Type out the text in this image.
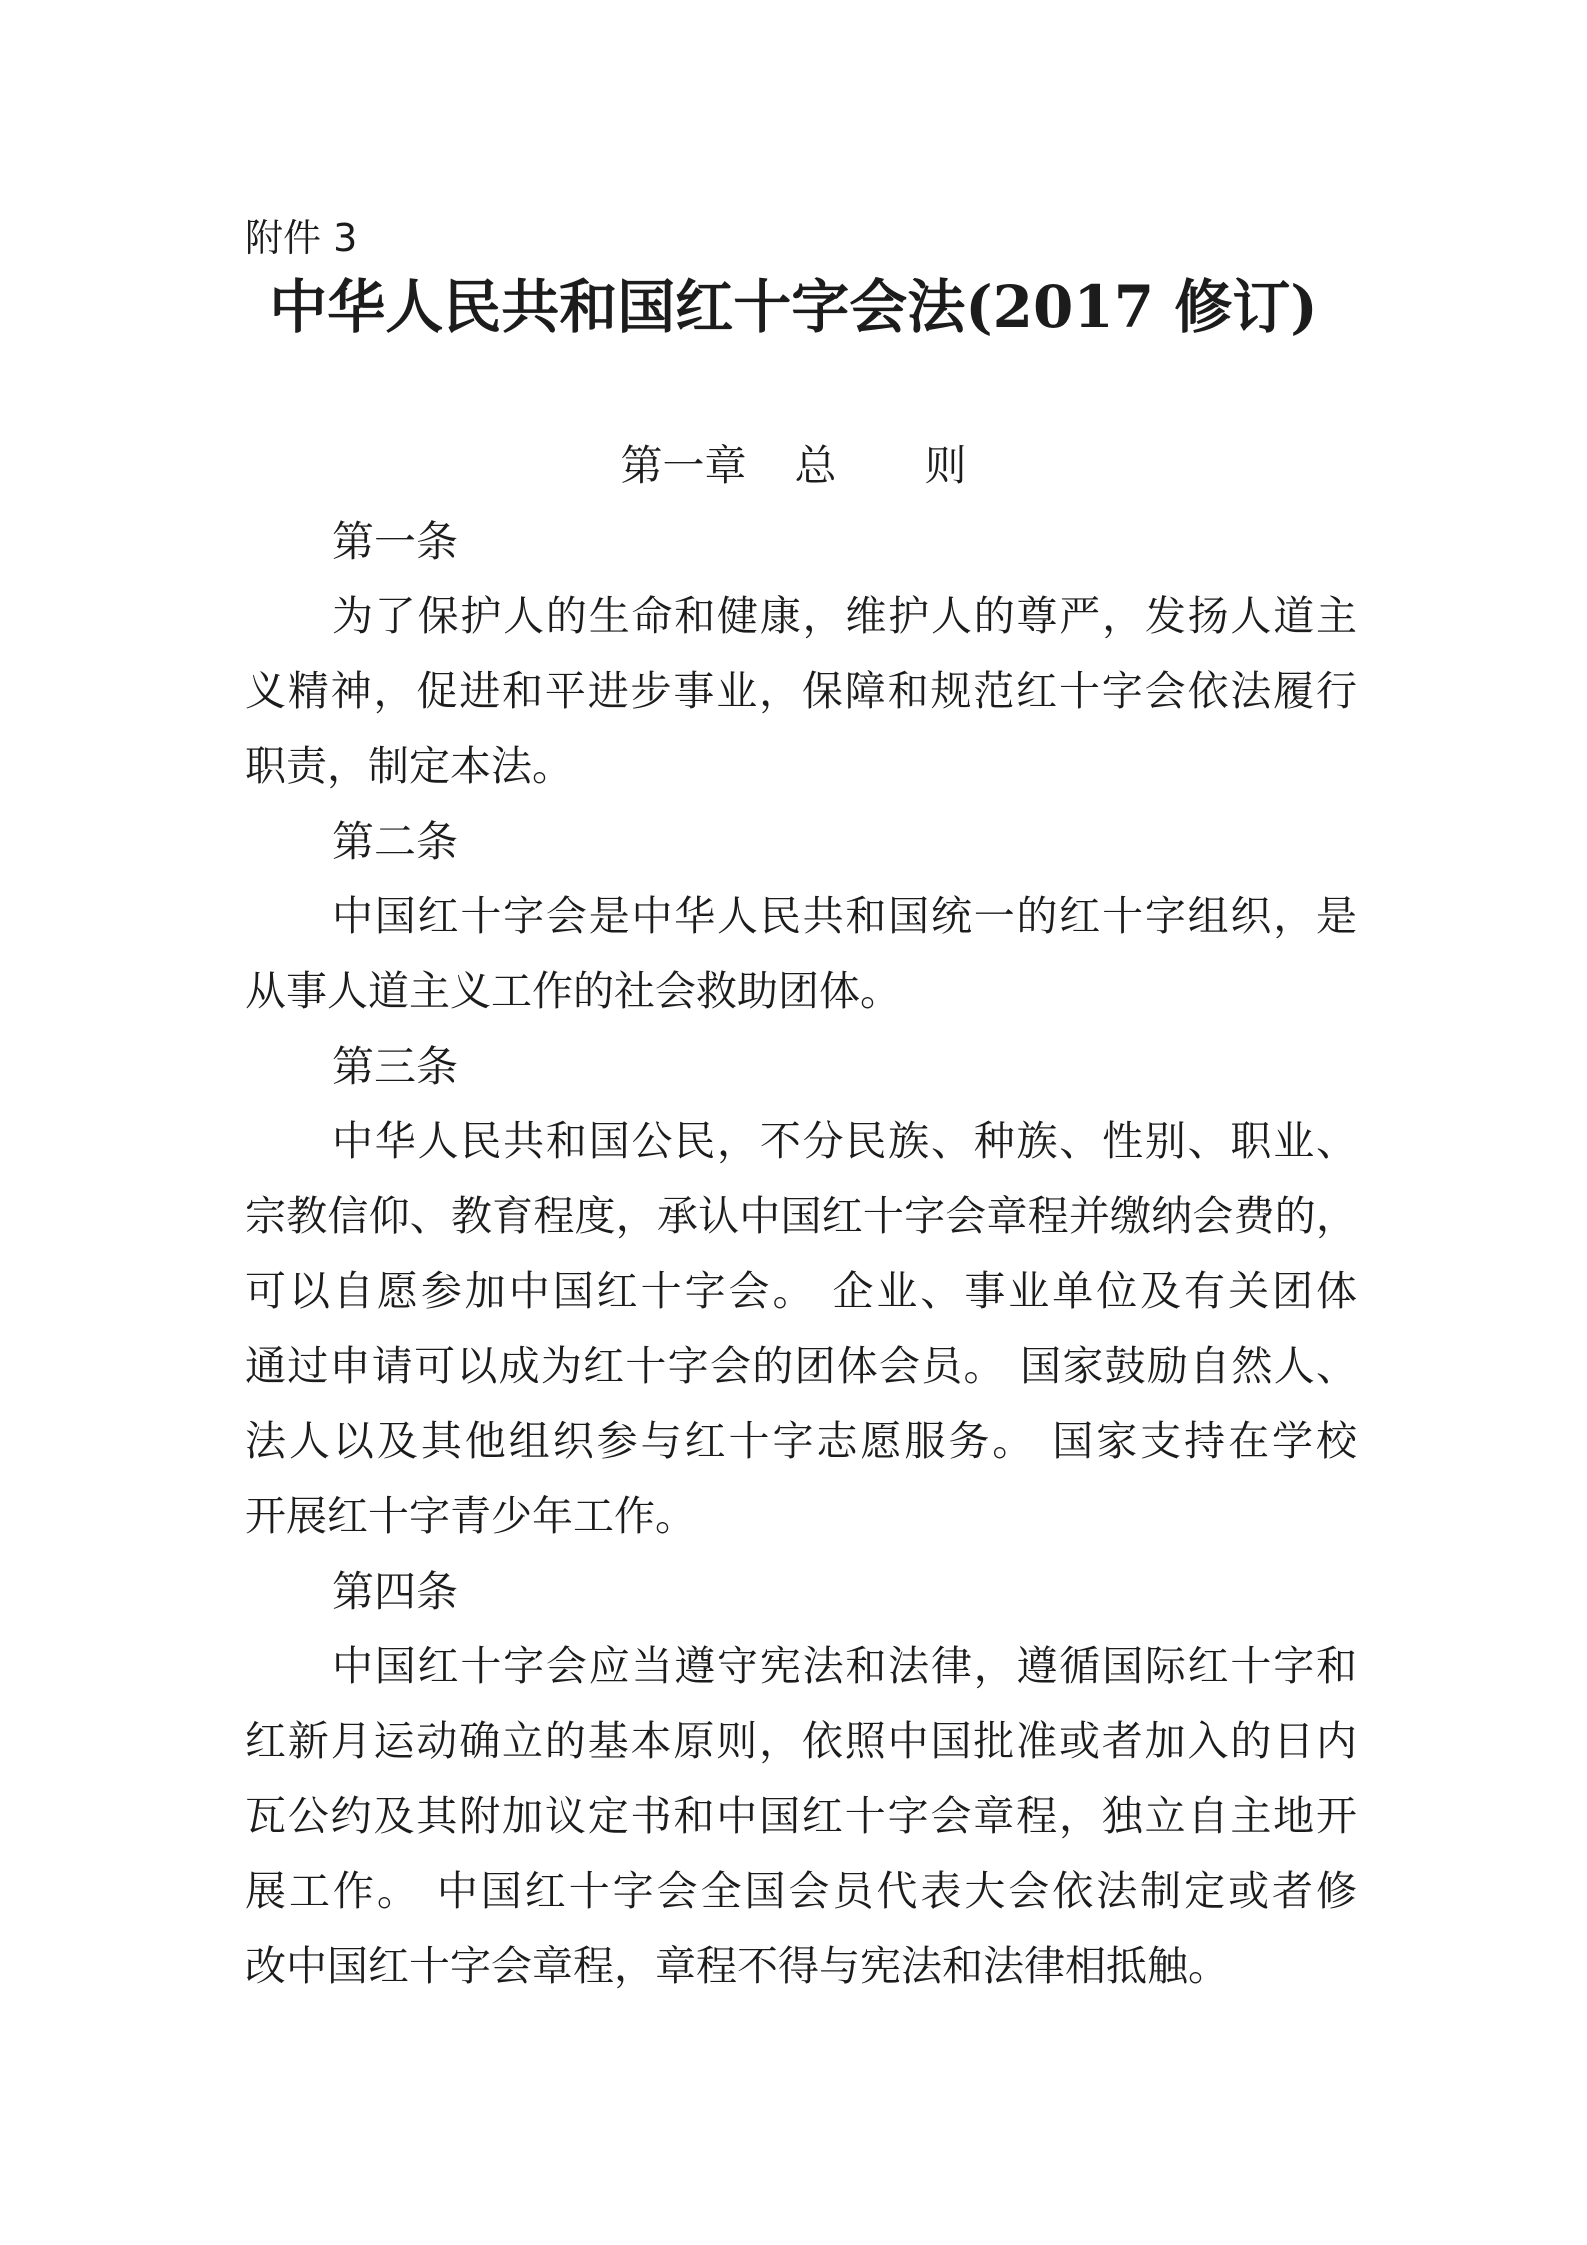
附件 3
中华人民共和国红十字会法(2017 修订)
第一章 总 则
第一条
为了保护人的生命和健康，维护人的尊严，发扬人道主
义精神，促进和平进步事业，保障和规范红十字会依法履行
职责，制定本法。
第二条
中国红十字会是中华人民共和国统一的红十字组织，是
从事人道主义工作的社会救助团体。
第三条
中华人民共和国公民，不分民族、种族、性别、职业、
宗教信仰、教育程度，承认中国红十字会章程并缴纳会费的，
可以自愿参加中国红十字会。 企业、事业单位及有关团体
通过申请可以成为红十字会的团体会员。 国家鼓励自然人、
法人以及其他组织参与红十字志愿服务。 国家支持在学校
开展红十字青少年工作。
第四条
中国红十字会应当遵守宪法和法律，遵循国际红十字和
红新月运动确立的基本原则，依照中国批准或者加入的日内
瓦公约及其附加议定书和中国红十字会章程，独立自主地开
展工作。 中国红十字会全国会员代表大会依法制定或者修
改中国红十字会章程，章程不得与宪法和法律相抵触。
